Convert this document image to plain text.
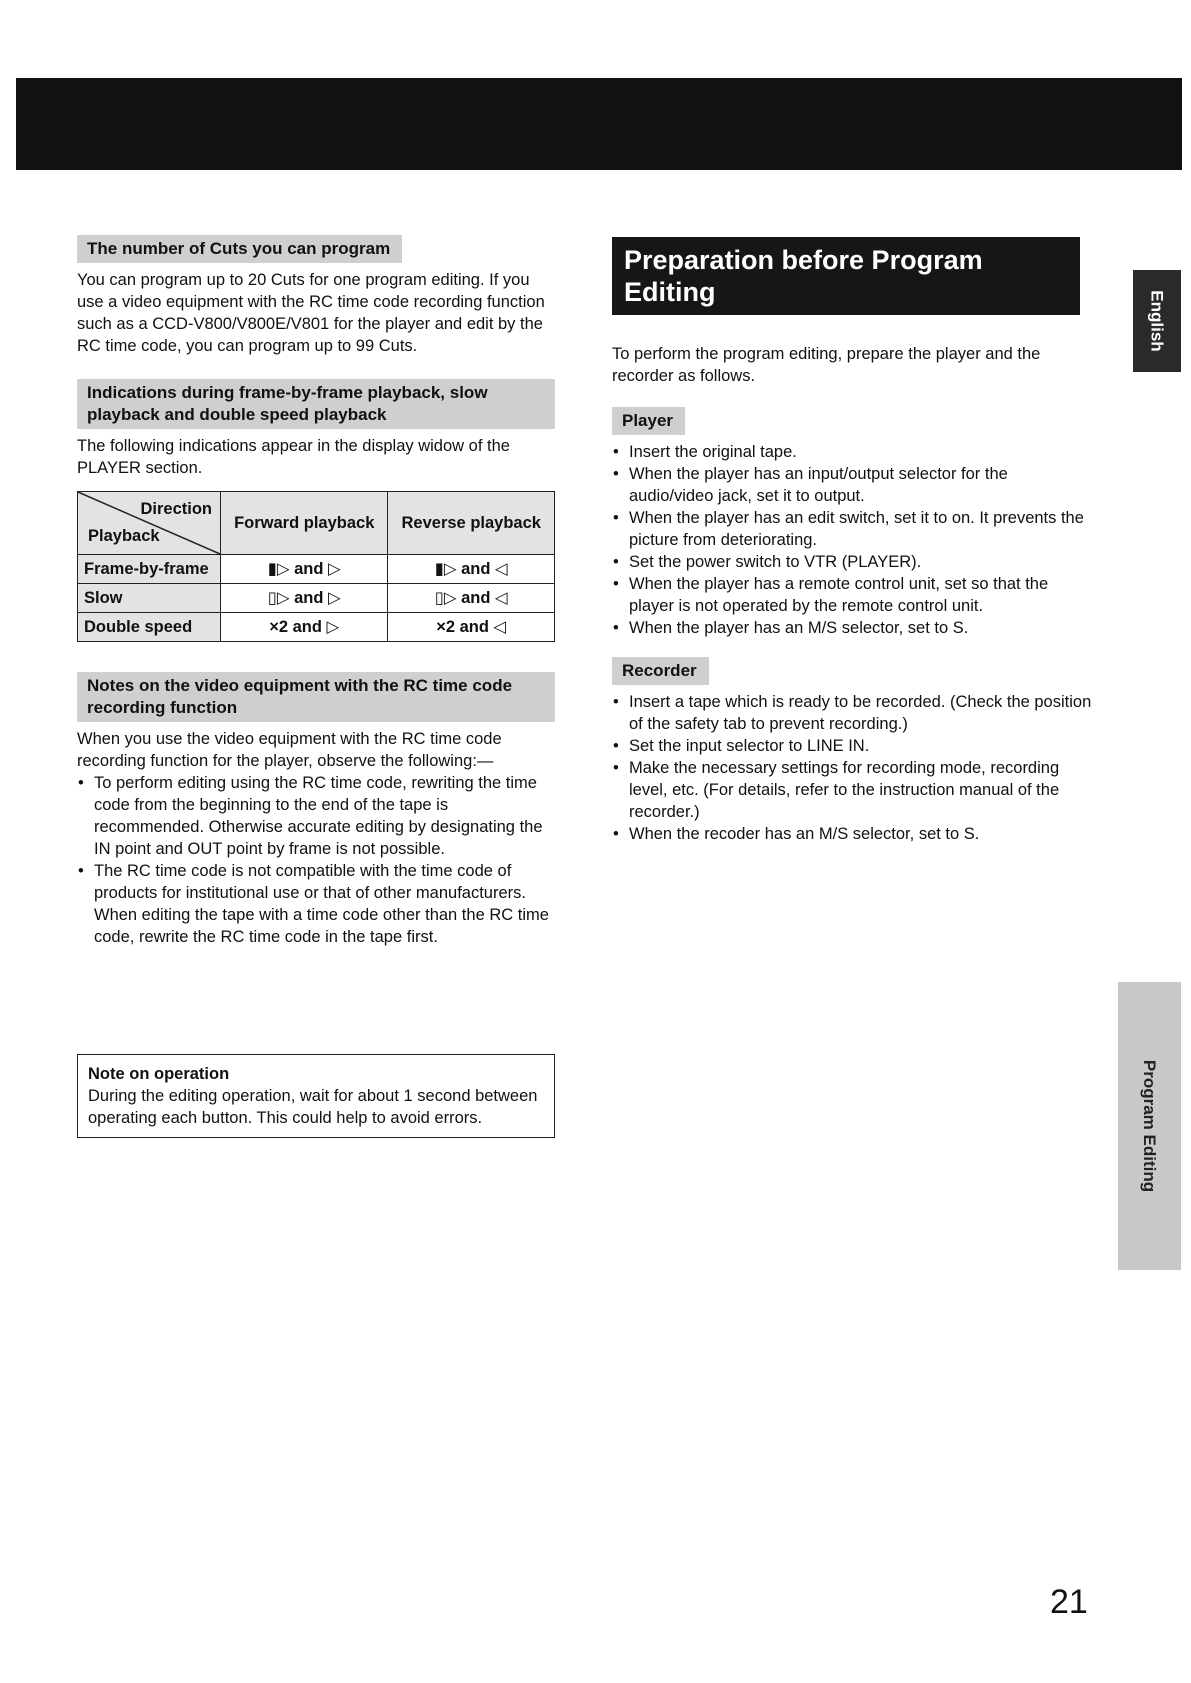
The number of Cuts you can program

You can program up to 20 Cuts for one program editing. If you use a video equipment with the RC time code recording function such as a CCD-V800/V800E/V801 for the player and edit by the RC time code, you can program up to 99 Cuts.

Indications during frame-by-frame playback, slow playback and double speed playback

The following indications appear in the display widow of the PLAYER section.

Direction
Playback	Forward playback	Reverse playback
Frame-by-frame	▮▷ and ▷	▮▷ and ◁
Slow	▯▷ and ▷	▯▷ and ◁
Double speed	×2 and ▷	×2 and ◁
Notes on the video equipment with the RC time code recording function

When you use the video equipment with the RC time code recording function for the player, observe the following:—

• To perform editing using the RC time code, rewriting the time code from the beginning to the end of the tape is recommended. Otherwise accurate editing by designating the IN point and OUT point by frame is not possible.
• The RC time code is not compatible with the time code of products for institutional use or that of other manufacturers. When editing the tape with a time code other than the RC time code, rewrite the RC time code in the tape first.
Note on operation
During the editing operation, wait for about 1 second between operating each button. This could help to avoid errors.
Preparation before Program Editing

To perform the program editing, prepare the player and the recorder as follows.

Player
• Insert the original tape.
• When the player has an input/output selector for the audio/video jack, set it to output.
• When the player has an edit switch, set it to on. It prevents the picture from deteriorating.
• Set the power switch to VTR (PLAYER).
• When the player has a remote control unit, set so that the player is not operated by the remote control unit.
• When the player has an M/S selector, set to S.
Recorder
• Insert a tape which is ready to be recorded. (Check the position of the safety tab to prevent recording.)
• Set the input selector to LINE IN.
• Make the necessary settings for recording mode, recording level, etc. (For details, refer to the instruction manual of the recorder.)
• When the recoder has an M/S selector, set to S.
English
Program Editing
21
